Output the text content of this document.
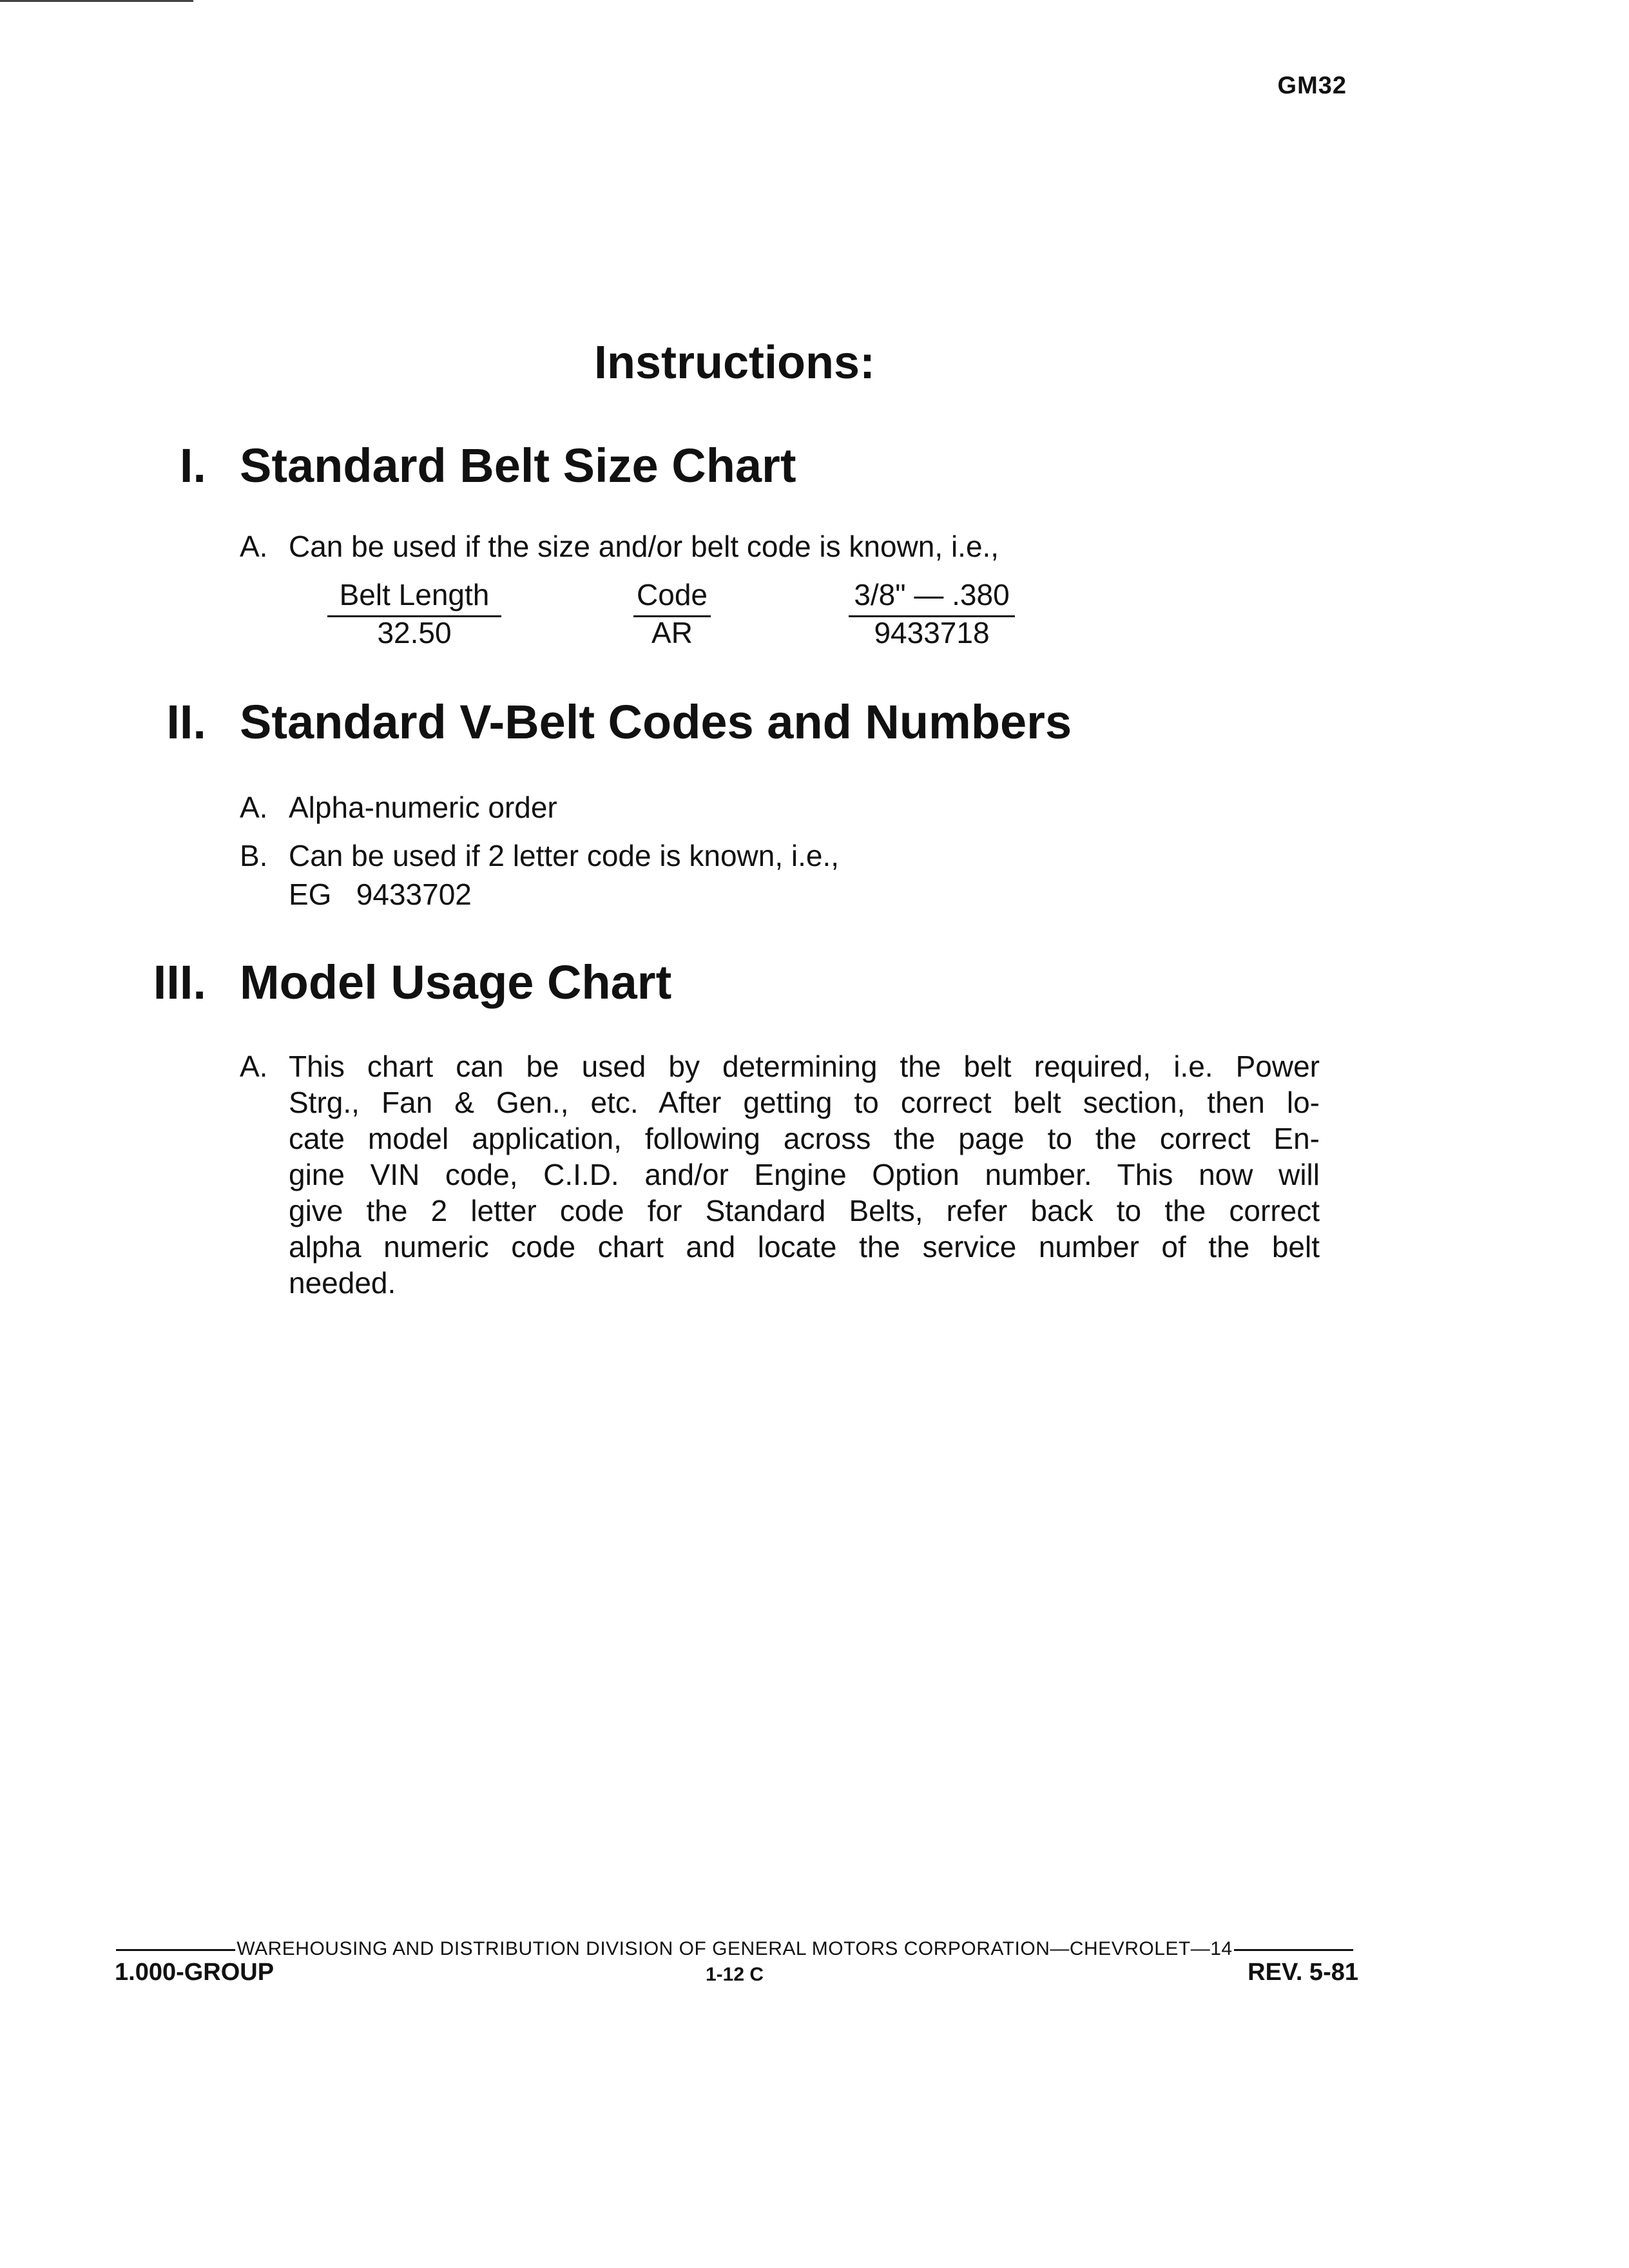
GM32
Instructions:
I. Standard Belt Size Chart
A. Can be used if the size and/or belt code is known, i.e.,
Belt Length
32.50
Code
AR
3/8" — .380
9433718
II. Standard V-Belt Codes and Numbers
A. Alpha-numeric order
B. Can be used if 2 letter code is known, i.e.,
EG   9433702
III. Model Usage Chart
A. This chart can be used by determining the belt required, i.e. Power
Strg., Fan & Gen., etc. After getting to correct belt section, then lo-
cate model application, following across the page to the correct En-
gine VIN code, C.I.D. and/or Engine Option number. This now will
give the 2 letter code for Standard Belts, refer back to the correct
alpha numeric code chart and locate the service number of the belt
needed.
WAREHOUSING AND DISTRIBUTION DIVISION OF GENERAL MOTORS CORPORATION—CHEVROLET—14
1.000-GROUP	1-12 C	REV. 5-81
